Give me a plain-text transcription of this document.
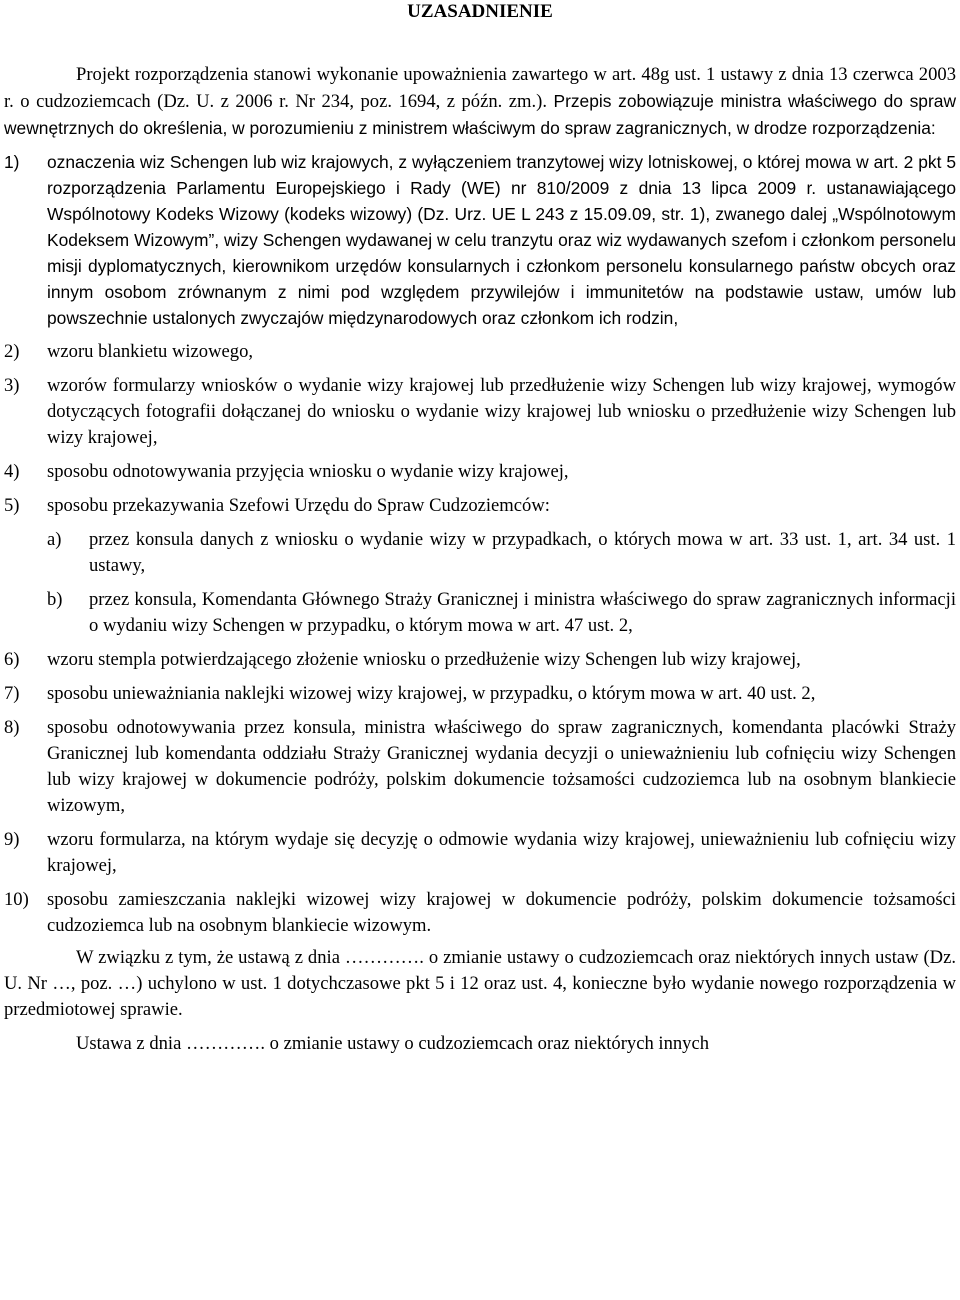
UZASADNIENIE

Projekt rozporządzenia stanowi wykonanie upoważnienia zawartego w art. 48g ust. 1 ustawy z dnia 13 czerwca 2003 r. o cudzoziemcach (Dz. U. z 2006 r. Nr 234, poz. 1694, z późn. zm.). Przepis zobowiązuje ministra właściwego do spraw wewnętrznych do określenia, w porozumieniu z ministrem właściwym do spraw zagranicznych, w drodze rozporządzenia:

1) oznaczenia wiz Schengen lub wiz krajowych, z wyłączeniem tranzytowej wizy lotniskowej, o której mowa w art. 2 pkt 5 rozporządzenia Parlamentu Europejskiego i Rady (WE) nr 810/2009 z dnia 13 lipca 2009 r. ustanawiającego Wspólnotowy Kodeks Wizowy (kodeks wizowy) (Dz. Urz. UE L 243 z 15.09.09, str. 1), zwanego dalej „Wspólnotowym Kodeksem Wizowym”, wizy Schengen wydawanej w celu tranzytu oraz wiz wydawanych szefom i członkom personelu misji dyplomatycznych, kierownikom urzędów konsularnych i członkom personelu konsularnego państw obcych oraz innym osobom zrównanym z nimi pod względem przywilejów i immunitetów na podstawie ustaw, umów lub powszechnie ustalonych zwyczajów międzynarodowych oraz członkom ich rodzin,
2) wzoru blankietu wizowego,
3) wzorów formularzy wniosków o wydanie wizy krajowej lub przedłużenie wizy Schengen lub wizy krajowej, wymogów dotyczących fotografii dołączanej do wniosku o wydanie wizy krajowej lub wniosku o przedłużenie wizy Schengen lub wizy krajowej,
4) sposobu odnotowywania przyjęcia wniosku o wydanie wizy krajowej,
5) sposobu przekazywania Szefowi Urzędu do Spraw Cudzoziemców:
a) przez konsula danych z wniosku o wydanie wizy w przypadkach, o których mowa w art. 33 ust. 1, art. 34 ust. 1 ustawy,
b) przez konsula, Komendanta Głównego Straży Granicznej i ministra właściwego do spraw zagranicznych informacji o wydaniu wizy Schengen w przypadku, o którym mowa w art. 47 ust. 2,
6) wzoru stempla potwierdzającego złożenie wniosku o przedłużenie wizy Schengen lub wizy krajowej,
7) sposobu unieważniania naklejki wizowej wizy krajowej, w przypadku, o którym mowa w art. 40 ust. 2,
8) sposobu odnotowywania przez konsula, ministra właściwego do spraw zagranicznych, komendanta placówki Straży Granicznej lub komendanta oddziału Straży Granicznej wydania decyzji o unieważnieniu lub cofnięciu wizy Schengen lub wizy krajowej w dokumencie podróży, polskim dokumencie tożsamości cudzoziemca lub na osobnym blankiecie wizowym,
9) wzoru formularza, na którym wydaje się decyzję o odmowie wydania wizy krajowej, unieważnieniu lub cofnięciu wizy krajowej,
10) sposobu zamieszczania naklejki wizowej wizy krajowej w dokumencie podróży, polskim dokumencie tożsamości cudzoziemca lub na osobnym blankiecie wizowym.

W związku z tym, że ustawą z dnia …………. o zmianie ustawy o cudzoziemcach oraz niektórych innych ustaw (Dz. U. Nr …, poz. …) uchylono w ust. 1 dotychczasowe pkt 5 i 12 oraz ust. 4, konieczne było wydanie nowego rozporządzenia w przedmiotowej sprawie.

Ustawa z dnia …………. o zmianie ustawy o cudzoziemcach oraz niektórych innych
